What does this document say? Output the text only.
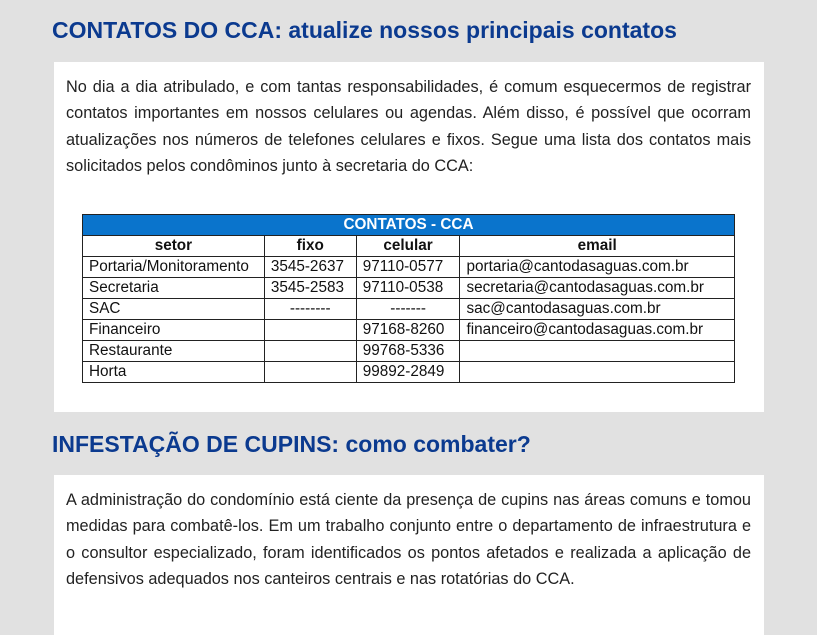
CONTATOS DO CCA: atualize nossos principais contatos

No dia a dia atribulado, e com tantas responsabilidades, é comum esquecermos de registrar contatos importantes em nossos celulares ou agendas. Além disso, é possível que ocorram atualizações nos números de telefones celulares e fixos. Segue uma lista dos contatos mais solicitados pelos condôminos junto à secretaria do CCA:

CONTATOS - CCA			
setor	fixo	celular	email
Portaria/Monitoramento	3545-2637	97110-0577	portaria@cantodasaguas.com.br
Secretaria	3545-2583	97110-0538	secretaria@cantodasaguas.com.br
SAC	--------	-------	sac@cantodasaguas.com.br
Financeiro		97168-8260	financeiro@cantodasaguas.com.br
Restaurante		99768-5336	
Horta		99892-2849	
INFESTAÇÃO DE CUPINS: como combater?

A administração do condomínio está ciente da presença de cupins nas áreas comuns e tomou medidas para combatê-los. Em um trabalho conjunto entre o departamento de infraestrutura e o consultor especializado, foram identificados os pontos afetados e realizada a aplicação de defensivos adequados nos canteiros centrais e nas rotatórias do CCA.
